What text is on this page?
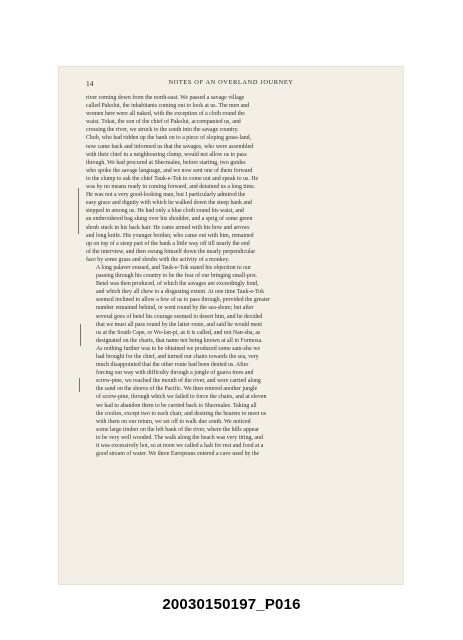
14	NOTES OF AN OVERLAND JOURNEY

river coming down from the north-east. We passed a savage village
called Pakolut, the inhabitants coming out to look at us. The men and
women here were all naked, with the exception of a cloth round the
waist. Tokat, the son of the chief of Pakolut, accompanied us, and
crossing the river, we struck to the south into the savage country.
Chob, who had ridden up the bank on to a piece of sloping grass-land,
now came back and informed us that the savages, who were assembled
with their chief in a neighbouring clump, would not allow us to pass
through. We had procured at Shecmalee, before starting, two guides
who spoke the savage language, and we now sent one of them forward
to the clump to ask the chief Tauk-e-Tok to come out and speak to us. He
was by no means ready in coming forward, and detained us a long time.
He was not a very good-looking man, but I particularly admired the
easy grace and dignity with which he walked down the steep bank and
stepped in among us. He had only a blue cloth round his waist, and
an embroidered bag slung over his shoulder, and a sprig of some green
shrub stuck in his back hair. He came armed with his bow and arrows
and long knife. His younger brother, who came out with him, remained
up on top of a steep part of the bank a little way off till nearly the end
of the interview, and then swung himself down the nearly perpendicular
face by some grass and shrubs with the activity of a monkey.

A long palaver ensued, and Tauk-e-Tok stated his objection to our
passing through his country to be the fear of our bringing small-pox.
Betel was then produced, of which the savages are exceedingly fond,
and which they all chew to a disgusting extent. At one time Tauk-e-Tok
seemed inclined to allow a few of us to pass through, provided the greater
number remained behind, or went round by the sea-shore; but after
several goes of betel his courage seemed to desert him, and he decided
that we must all pass round by the latter route, and said he would meet
us at the South Cape, or Wo-lan-pi, as it is called, and not Nan-sha, as
designated on the charts, that name not being known at all in Formosa.

As nothing further was to be obtained we produced some sam-shu we
had brought for the chief, and turned our chairs towards the sea, very
much disappointed that the other route had been denied us. After
forcing our way with difficulty through a jungle of guava trees and
screw-pine, we reached the mouth of the river, and were carried along
the sand on the shores of the Pacific. We then entered another jungle
of screw-pine, through which we failed to force the chairs, and at eleven
we had to abandon them to be carried back to Shecmalee. Taking all
the coolies, except two to each chair, and desiring the bearers to meet us
with them on our return, we set off to walk due south. We noticed
some large timber on the left bank of the river, where the hills appear
to be very well wooded. The walk along the beach was very tiring, and
it was excessively hot, so at noon we called a halt for rest and food at a
good stream of water. We three Europeans entered a cave used by the

20030150197_P016
